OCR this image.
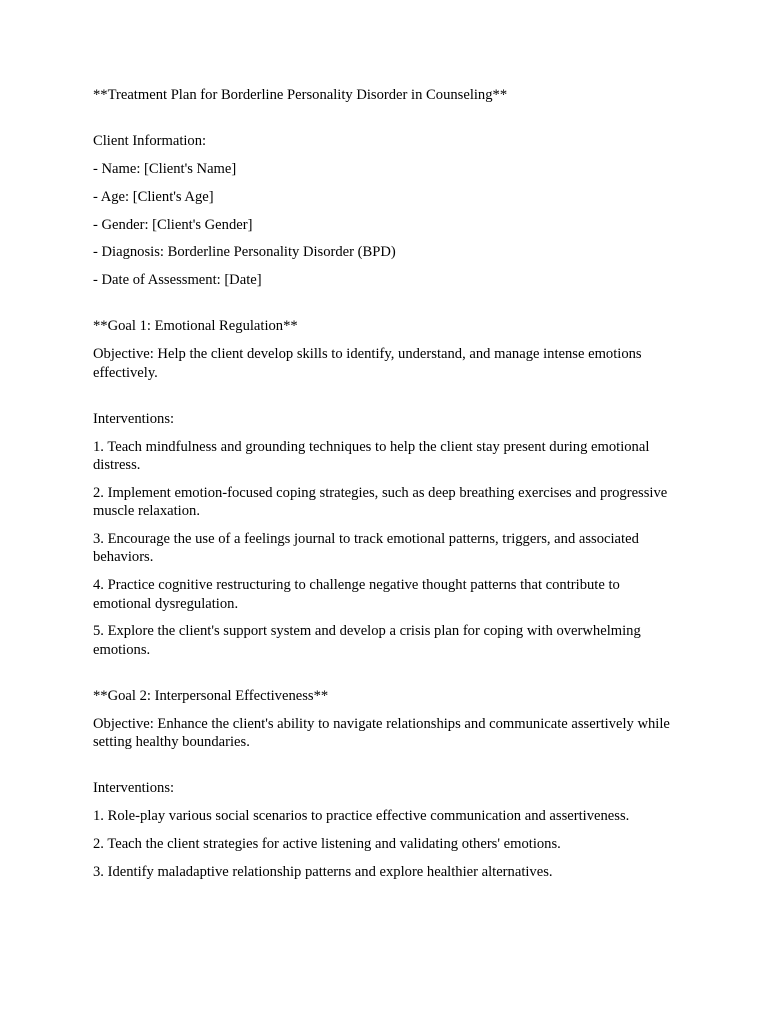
**Treatment Plan for Borderline Personality Disorder in Counseling**

Client Information:

- Name: [Client's Name]

- Age: [Client's Age]

- Gender: [Client's Gender]

- Diagnosis: Borderline Personality Disorder (BPD)

- Date of Assessment: [Date]

**Goal 1: Emotional Regulation**

Objective: Help the client develop skills to identify, understand, and manage intense emotions effectively.

Interventions:

1. Teach mindfulness and grounding techniques to help the client stay present during emotional distress.

2. Implement emotion-focused coping strategies, such as deep breathing exercises and progressive muscle relaxation.

3. Encourage the use of a feelings journal to track emotional patterns, triggers, and associated behaviors.

4. Practice cognitive restructuring to challenge negative thought patterns that contribute to emotional dysregulation.

5. Explore the client's support system and develop a crisis plan for coping with overwhelming emotions.

**Goal 2: Interpersonal Effectiveness**

Objective: Enhance the client's ability to navigate relationships and communicate assertively while setting healthy boundaries.

Interventions:

1. Role-play various social scenarios to practice effective communication and assertiveness.

2. Teach the client strategies for active listening and validating others' emotions.

3. Identify maladaptive relationship patterns and explore healthier alternatives.
